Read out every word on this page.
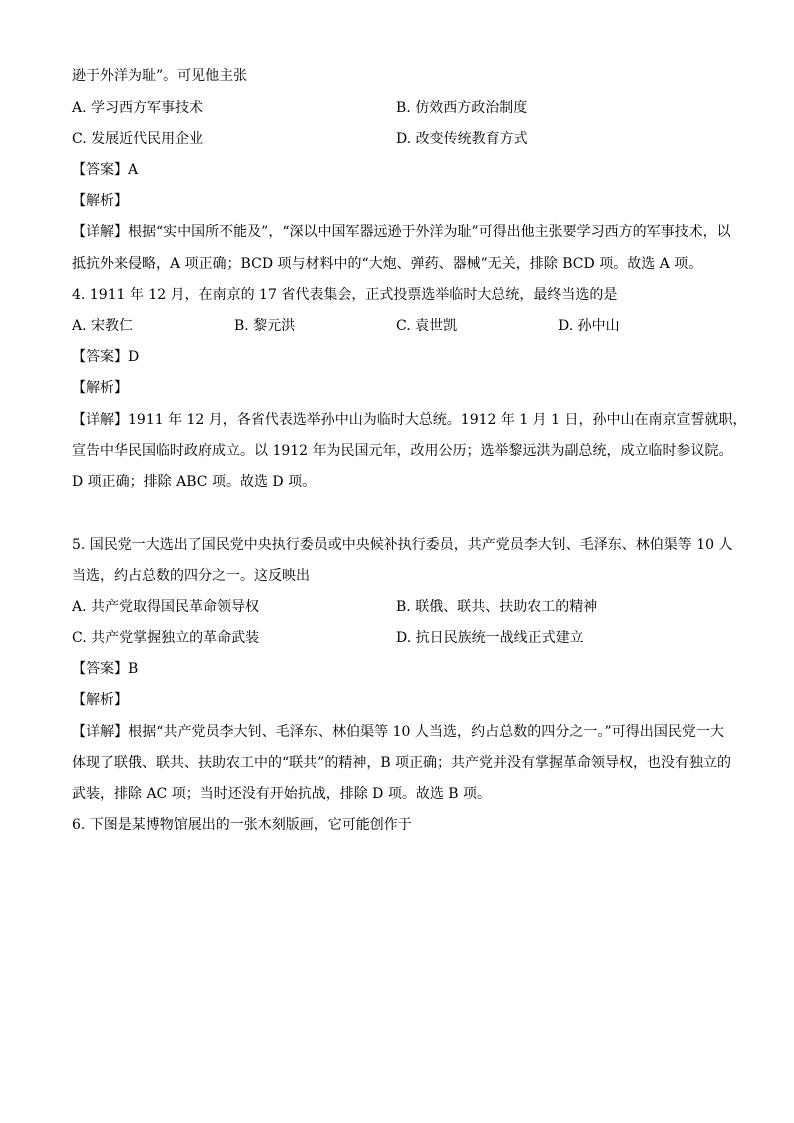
逊于外洋为耻”。可见他主张
A. 学习西方军事技术	B. 仿效西方政治制度
C. 发展近代民用企业	D. 改变传统教育方式
【答案】A
【解析】
【详解】根据“实中国所不能及”，“深以中国军器远逊于外洋为耻”可得出他主张要学习西方的军事技术，以
抵抗外来侵略，A 项正确；BCD 项与材料中的“大炮、弹药、器械”无关，排除 BCD 项。故选 A 项。
4. 1911 年 12 月，在南京的 17 省代表集会，正式投票选举临时大总统，最终当选的是
A. 宋教仁	B. 黎元洪	C. 袁世凯	D. 孙中山
【答案】D
【解析】
【详解】1911 年 12 月，各省代表选举孙中山为临时大总统。1912 年 1 月 1 日，孙中山在南京宣誓就职，
宣告中华民国临时政府成立。以 1912 年为民国元年，改用公历；选举黎远洪为副总统，成立临时参议院。
D 项正确；排除 ABC 项。故选 D 项。
5. 国民党一大选出了国民党中央执行委员或中央候补执行委员，共产党员李大钊、毛泽东、林伯渠等 10 人
当选，约占总数的四分之一。这反映出
A. 共产党取得国民革命领导权	B. 联俄、联共、扶助农工的精神
C. 共产党掌握独立的革命武装	D. 抗日民族统一战线正式建立
【答案】B
【解析】
【详解】根据“共产党员李大钊、毛泽东、林伯渠等 10 人当选，约占总数的四分之一。”可得出国民党一大
体现了联俄、联共、扶助农工中的“联共”的精神，B 项正确；共产党并没有掌握革命领导权，也没有独立的
武装，排除 AC 项；当时还没有开始抗战，排除 D 项。故选 B 项。
6. 下图是某博物馆展出的一张木刻版画，它可能创作于
